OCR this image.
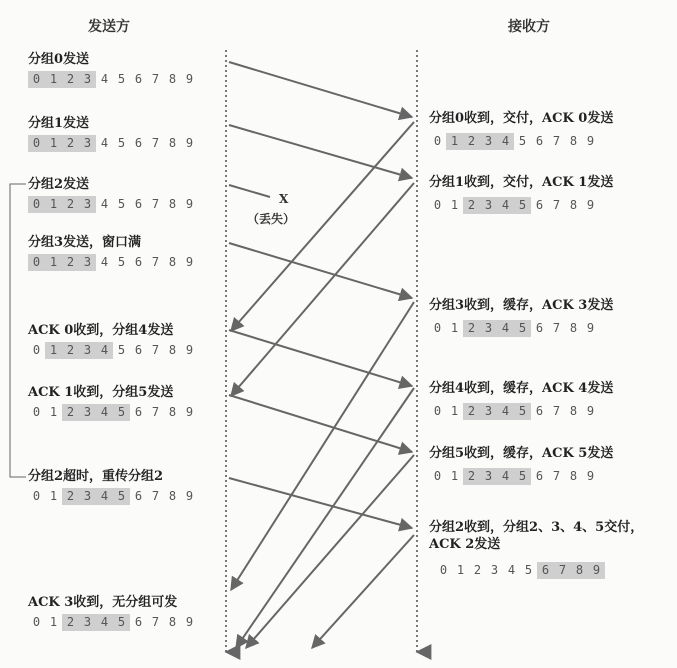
发送方	接收方
X
（丢失）
分组0发送
0 1 2 3 4 5 6 7 8 9
分组1发送
0 1 2 3 4 5 6 7 8 9
分组2发送
0 1 2 3 4 5 6 7 8 9
分组3发送，窗口满
0 1 2 3 4 5 6 7 8 9
ACK 0收到，分组4发送
0 1 2 3 4 5 6 7 8 9
ACK 1收到，分组5发送
0 1 2 3 4 5 6 7 8 9
分组2超时，重传分组2
0 1 2 3 4 5 6 7 8 9
ACK 3收到，无分组可发
0 1 2 3 4 5 6 7 8 9
分组0收到，交付，ACK 0发送
0 1 2 3 4 5 6 7 8 9
分组1收到，交付，ACK 1发送
0 1 2 3 4 5 6 7 8 9
分组3收到，缓存，ACK 3发送
0 1 2 3 4 5 6 7 8 9
分组4收到，缓存，ACK 4发送
0 1 2 3 4 5 6 7 8 9
分组5收到，缓存，ACK 5发送
0 1 2 3 4 5 6 7 8 9
分组2收到，分组2、3、4、5交付，
ACK 2发送
0 1 2 3 4 5 6 7 8 9
